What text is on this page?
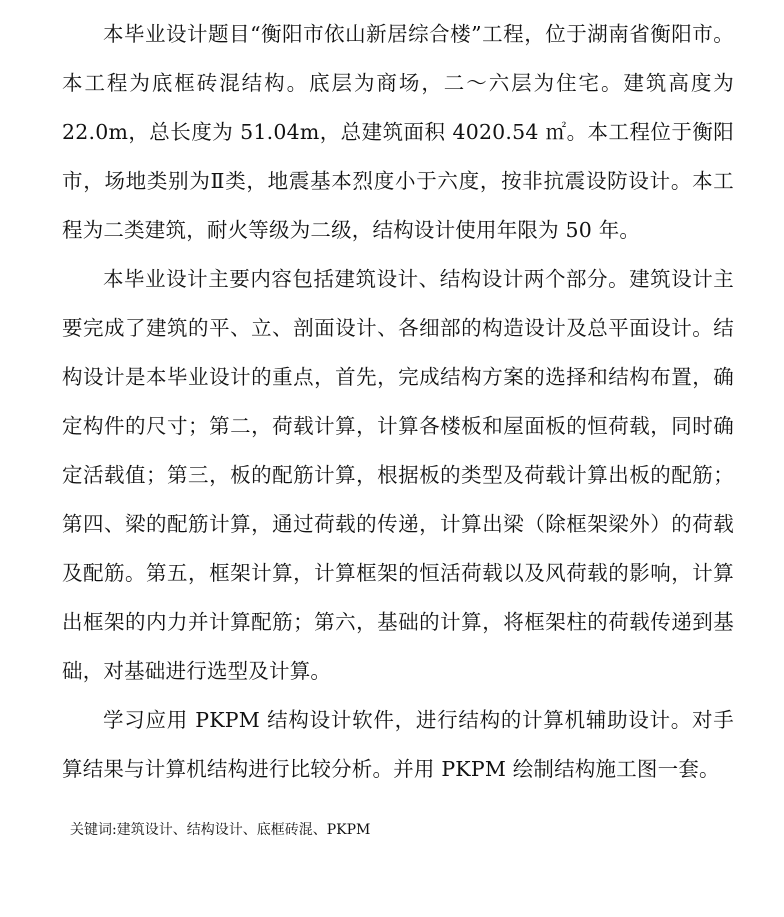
本毕业设计题目“衡阳市依山新居综合楼”工程，位于湖南省衡阳市。本工程为底框砖混结构。底层为商场，二～六层为住宅。建筑高度为 22.0m，总长度为 51.04m，总建筑面积 4020.54 ㎡。本工程位于衡阳市，场地类别为Ⅱ类，地震基本烈度小于六度，按非抗震设防设计。本工程为二类建筑，耐火等级为二级，结构设计使用年限为 50 年。

本毕业设计主要内容包括建筑设计、结构设计两个部分。建筑设计主要完成了建筑的平、立、剖面设计、各细部的构造设计及总平面设计。结构设计是本毕业设计的重点，首先，完成结构方案的选择和结构布置，确定构件的尺寸；第二，荷载计算，计算各楼板和屋面板的恒荷载，同时确定活载值；第三，板的配筋计算，根据板的类型及荷载计算出板的配筋；第四、梁的配筋计算，通过荷载的传递，计算出梁（除框架梁外）的荷载及配筋。第五，框架计算，计算框架的恒活荷载以及风荷载的影响，计算出框架的内力并计算配筋；第六，基础的计算，将框架柱的荷载传递到基础，对基础进行选型及计算。

学习应用 PKPM 结构设计软件，进行结构的计算机辅助设计。对手算结果与计算机结构进行比较分析。并用 PKPM 绘制结构施工图一套。

关键词:建筑设计、结构设计、底框砖混、PKPM
